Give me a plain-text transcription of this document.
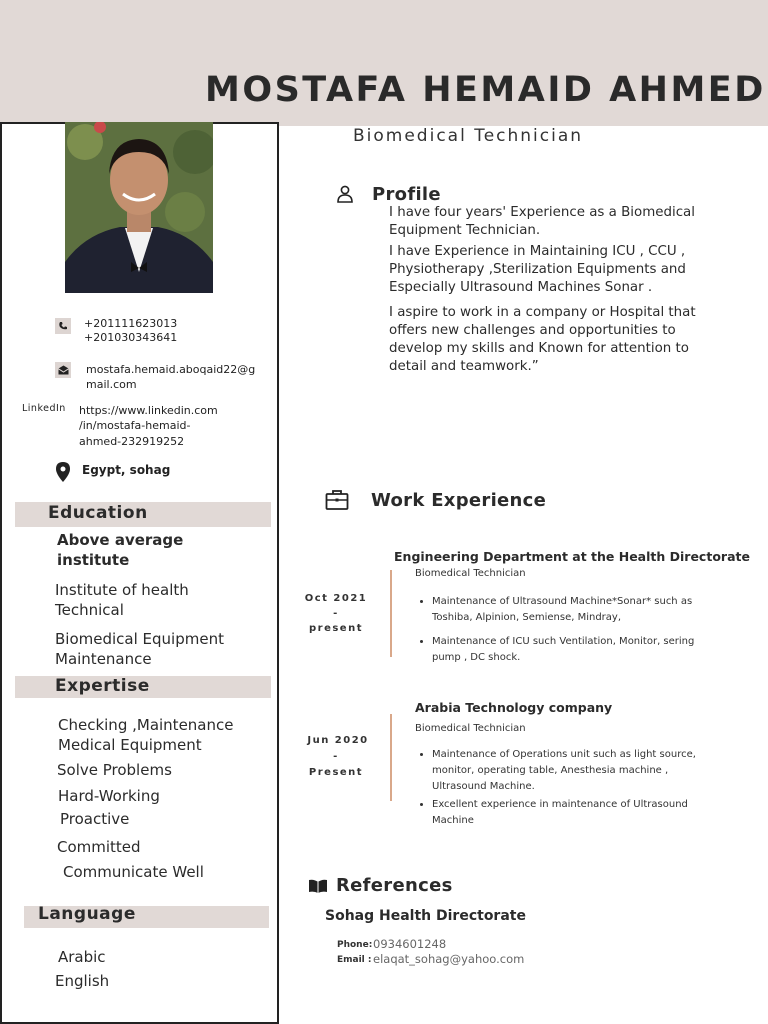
MOSTAFA HEMAID AHMED
Biomedical Technician
+201111623013
+201030343641
mostafa.hemaid.aboqaid22@g
mail.com
LinkedIn https://www.linkedin.com
/in/mostafa-hemaid-
ahmed-232919252
Egypt, sohag
Education
Above average
institute
Institute of health
Technical
Biomedical Equipment
Maintenance
Expertise
Checking ,Maintenance
Medical Equipment
Solve Problems
Hard-Working
Proactive
Committed
Communicate Well
Language
Arabic
English
Profile
I have four years' Experience as a Biomedical Equipment Technician.
I have Experience in Maintaining ICU , CCU , Physiotherapy ,Sterilization Equipments and Especially Ultrasound Machines Sonar .
I aspire to work in a company or Hospital that offers new challenges and opportunities to develop my skills and Known for attention to detail and teamwork.”
Work Experience
Engineering Department at the Health Directorate
Biomedical Technician
Oct 2021
-
present
• Maintenance of Ultrasound Machine*Sonar* such as Toshiba, Alpinion, Semiense, Mindray,
• Maintenance of ICU such Ventilation, Monitor, sering pump , DC shock.
Arabia Technology company
Biomedical Technician
Jun 2020
-
Present
• Maintenance of Operations unit such as light source, monitor, operating table, Anesthesia machine , Ultrasound Machine.
• Excellent experience in maintenance of Ultrasound Machine
References
Sohag Health Directorate
Phone: 0934601248
Email : elaqat_sohag@yahoo.com
